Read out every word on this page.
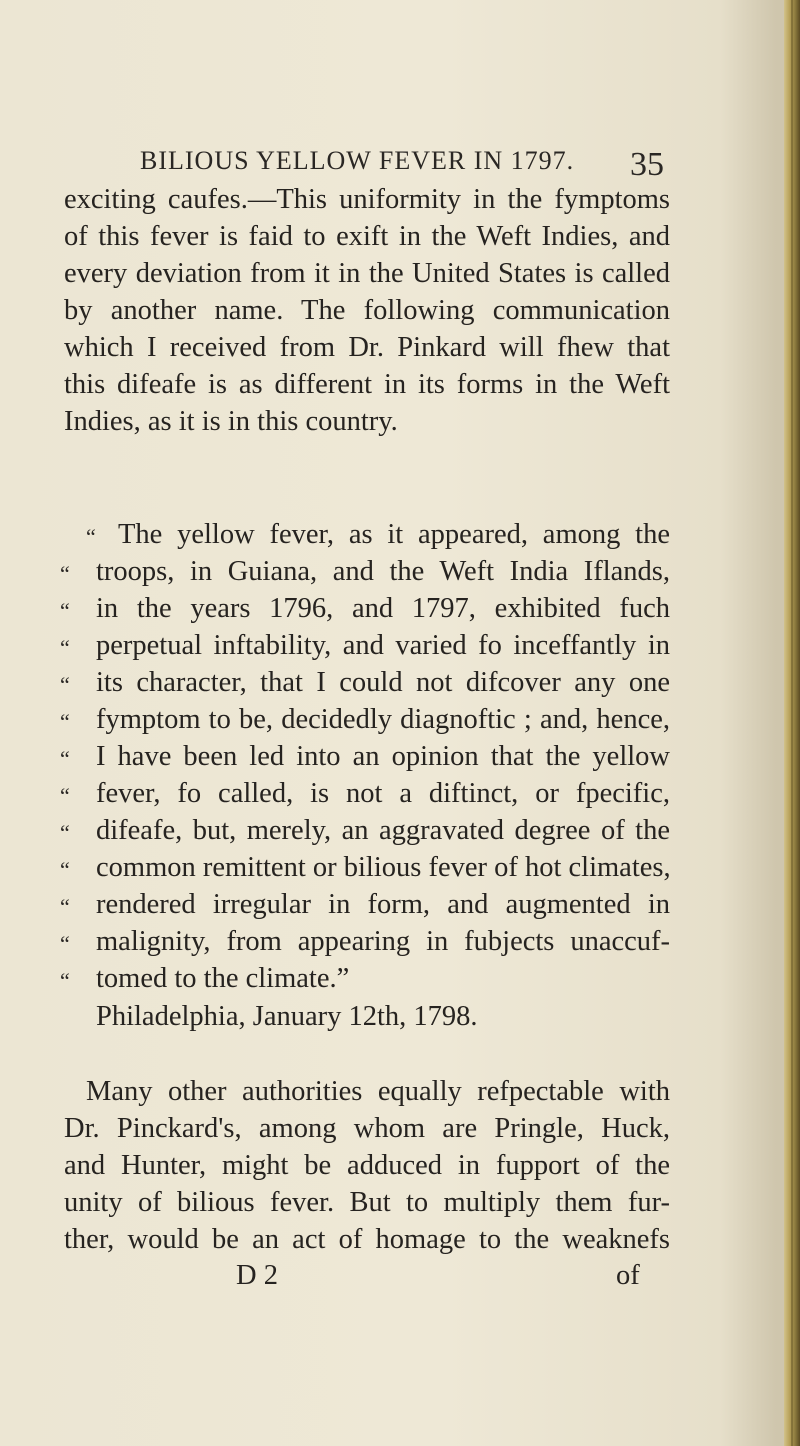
BILIOUS YELLOW FEVER IN 1797.	35
exciting caufes.—This uniformity in the fymptoms
of this fever is faid to exift in the Weft Indies, and
every deviation from it in the United States is called
by another name. The following communication
which I received from Dr. Pinkard will fhew that
this difeafe is as different in its forms in the Weft
Indies, as it is in this country.
“ The yellow fever, as it appeared, among the
“ troops, in Guiana, and the Weft India Iflands,
“ in the years 1796, and 1797, exhibited fuch
“ perpetual inftability, and varied fo inceffantly in
“ its character, that I could not difcover any one
“ fymptom to be, decidedly diagnoftic ; and, hence,
“ I have been led into an opinion that the yellow
“ fever, fo called, is not a diftinct, or fpecific,
“ difeafe, but, merely, an aggravated degree of the
“ common remittent or bilious fever of hot climates,
“ rendered irregular in form, and augmented in
“ malignity, from appearing in fubjects unaccuf-
“ tomed to the climate.”
Philadelphia, January 12th, 1798.
Many other authorities equally refpectable with
Dr. Pinckard's, among whom are Pringle, Huck,
and Hunter, might be adduced in fupport of the
unity of bilious fever. But to multiply them fur-
ther, would be an act of homage to the weaknefs
D 2	of
